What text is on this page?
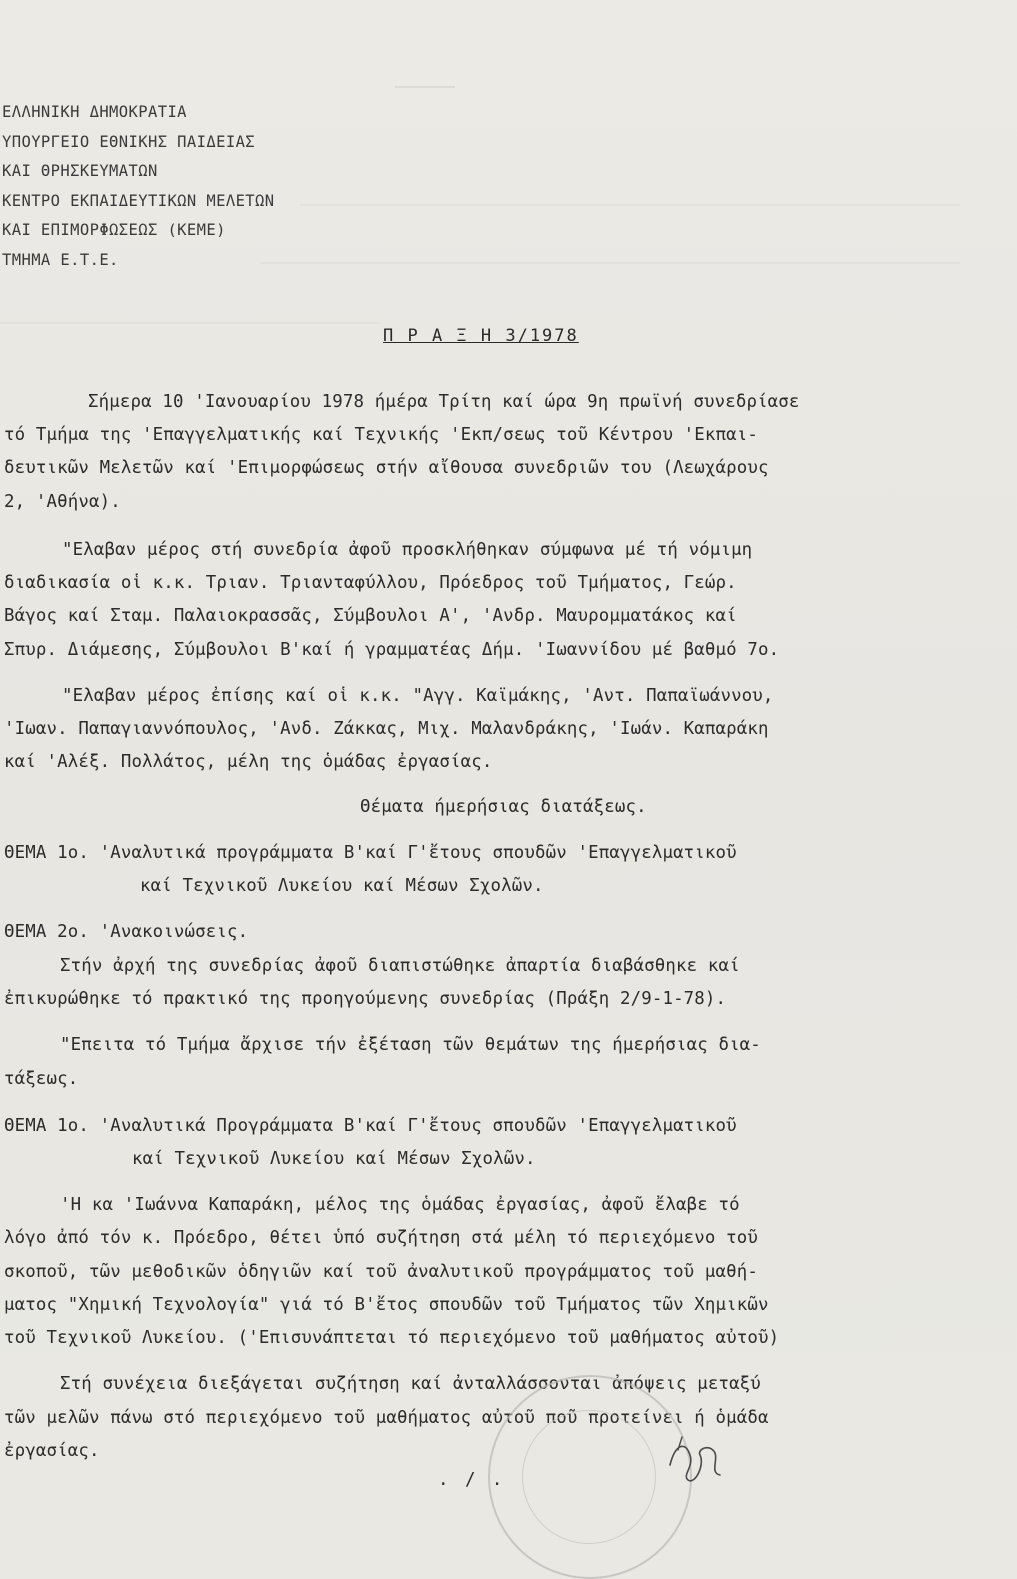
ΕΛΛΗΝΙΚΗ ΔΗΜΟΚΡΑΤΙΑ
ΥΠΟΥΡΓΕΙΟ ΕΘΝΙΚΗΣ ΠΑΙΔΕΙΑΣ
ΚΑΙ ΘΡΗΣΚΕΥΜΑΤΩΝ
ΚΕΝΤΡΟ ΕΚΠΑΙΔΕΥΤΙΚΩΝ ΜΕΛΕΤΩΝ
ΚΑΙ ΕΠΙΜΟΡΦΩΣΕΩΣ (ΚΕΜΕ)
ΤΜΗΜΑ Ε.Τ.Ε.
Π Ρ Α Ξ Η 3/1978
Σήμερα 10 'Ιανουαρίου 1978 ήμέρα Τρίτη καί ώρα 9η πρωϊνή συνεδρίασε
τό Τμήμα της 'Επαγγελματικής καί Τεχνικής 'Εκπ/σεως τοῦ Κέντρου 'Εκπαι-
δευτικῶν Μελετῶν καί 'Επιμορφώσεως στήν αἴθουσα συνεδριῶν του (Λεωχάρους
2, 'Αθήνα).
"Ελαβαν μέρος στή συνεδρία ἀφοῦ προσκλήθηκαν σύμφωνα μέ τή νόμιμη
διαδικασία οἱ κ.κ. Τριαν. Τριανταφύλλου, Πρόεδρος τοῦ Τμήματος, Γεώρ.
Βάγος καί Σταμ. Παλαιοκρασσᾶς, Σύμβουλοι Α', 'Ανδρ. Μαυρομματάκος καί
Σπυρ. Διάμεσης, Σύμβουλοι Β'καί ή γραμματέας Δήμ. 'Ιωαννίδου μέ βαθμό 7ο.
"Ελαβαν μέρος ἐπίσης καί οἱ κ.κ. "Αγγ. Καϊμάκης, 'Αντ. Παπαϊωάννου,
'Ιωαν. Παπαγιαννόπουλος, 'Ανδ. Ζάκκας, Μιχ. Μαλανδράκης, 'Ιωάν. Καπαράκη
καί 'Αλέξ. Πολλάτος, μέλη της ὁμάδας ἐργασίας.
Θέματα ήμερήσιας διατάξεως.
ΘΕΜΑ 1ο. 'Αναλυτικά προγράμματα Β'καί Γ'ἔτους σπουδῶν 'Επαγγελματικοῦ
καί Τεχνικοῦ Λυκείου καί Μέσων Σχολῶν.
ΘΕΜΑ 2ο. 'Ανακοινώσεις.
Στήν ἀρχή της συνεδρίας ἀφοῦ διαπιστώθηκε ἀπαρτία διαβάσθηκε καί
ἐπικυρώθηκε τό πρακτικό της προηγούμενης συνεδρίας (Πράξη 2/9-1-78).
"Επειτα τό Τμήμα ἄρχισε τήν ἐξέταση τῶν θεμάτων της ήμερήσιας δια-
τάξεως.
ΘΕΜΑ 1ο. 'Αναλυτικά Προγράμματα Β'καί Γ'ἔτους σπουδῶν 'Επαγγελματικοῦ
καί Τεχνικοῦ Λυκείου καί Μέσων Σχολῶν.
'Η κα 'Ιωάννα Καπαράκη, μέλος της ὁμάδας ἐργασίας, ἀφοῦ ἔλαβε τό
λόγο ἀπό τόν κ. Πρόεδρο, θέτει ὑπό συζήτηση στά μέλη τό περιεχόμενο τοῦ
σκοποῦ, τῶν μεθοδικῶν ὁδηγιῶν καί τοῦ ἀναλυτικοῦ προγράμματος τοῦ μαθή-
ματος "Χημική Τεχνολογία" γιά τό Β'ἔτος σπουδῶν τοῦ Τμήματος τῶν Χημικῶν
τοῦ Τεχνικοῦ Λυκείου. ('Επισυνάπτεται τό περιεχόμενο τοῦ μαθήματος αὐτοῦ)
Στή συνέχεια διεξάγεται συζήτηση καί ἀνταλλάσσονται ἀπόψεις μεταξύ
τῶν μελῶν πάνω στό περιεχόμενο τοῦ μαθήματος αὐτοῦ ποῦ προτείνει ή ὁμάδα
ἐργασίας.
. / .
